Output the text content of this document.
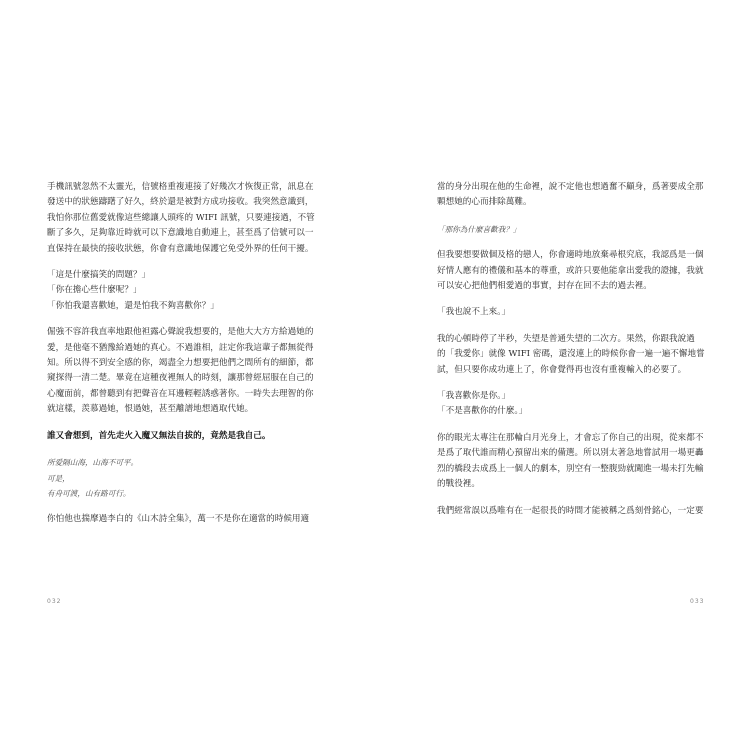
手機訊號忽然不太靈光，信號格重複連接了好幾次才恢復正常，訊息在
發送中的狀態躊躇了好久，終於還是被對方成功接收。我突然意識到，
我怕你那位舊愛就像這些總讓人頭疼的 WIFI 訊號，只要連接過，不管
斷了多久，足夠靠近時就可以下意識地自動連上，甚至爲了信號可以一
直保持在最快的接收狀態，你會有意識地保護它免受外界的任何干擾。
「這是什麼搞笑的問題？」
「你在擔心些什麼呢？」
「你怕我還喜歡她，還是怕我不夠喜歡你？」
倔強不容許我直率地跟他袒露心聲說我想要的，是他大大方方給過她的
愛，是他毫不猶豫給過她的真心。不過誰相，註定你我這輩子都無從得
知。所以得不到安全感的你，竭盡全力想要把他們之間所有的細節，都
窺探得一清二楚。畢竟在這種夜裡無人的時刻，讓那曾經屈服在自己的
心魔面前，都曾聽到有把聲音在耳邊輕輕誘惑著你。一時失去理智的你
就這樣，羨慕過她，恨過她，甚至離譜地想過取代她。
誰又會想到，首先走火入魔又無法自拔的，竟然是我自己。
所爱隔山海，山海不可平。
可是，
有舟可渡，山有路可行。
你怕他也揣摩過李白的《山木詩全集》，萬一不是你在適當的時候用適
當的身分出現在他的生命裡，說不定他也想過奮不顧身，爲著要成全那
顆想她的心而排除萬難。
「那你為什麼喜歡我？」
但我要想要做個及格的戀人，你會適時地放棄尋根究底，我認爲是一個
好情人應有的禮儀和基本的尊重，或許只要他能拿出愛我的證據，我就
可以安心把他們相愛過的事實，封存在回不去的過去裡。
「我也說不上來。」
我的心頓時停了半秒，失望是普通失望的二次方。果然，你跟我說過
的「我愛你」就像 WIFI 密碼，還沒連上的時候你會一遍一遍不懈地嘗
試，但只要你成功連上了，你會覺得再也沒有重複輸入的必要了。
「我喜歡你是你。」
「不是喜歡你的什麼。」
你的眼光太專注在那輪白月光身上，才會忘了你自己的出現，從來都不
是爲了取代誰而精心預留出來的備選。所以別太著急地嘗試用一場更轟
烈的橋段去成爲上一個人的劇本，別空有一整腹勁就闖進一場未打先輸
的戰役裡。
我們經常誤以爲唯有在一起很長的時間才能被稱之爲刻骨銘心，一定要
032	033
